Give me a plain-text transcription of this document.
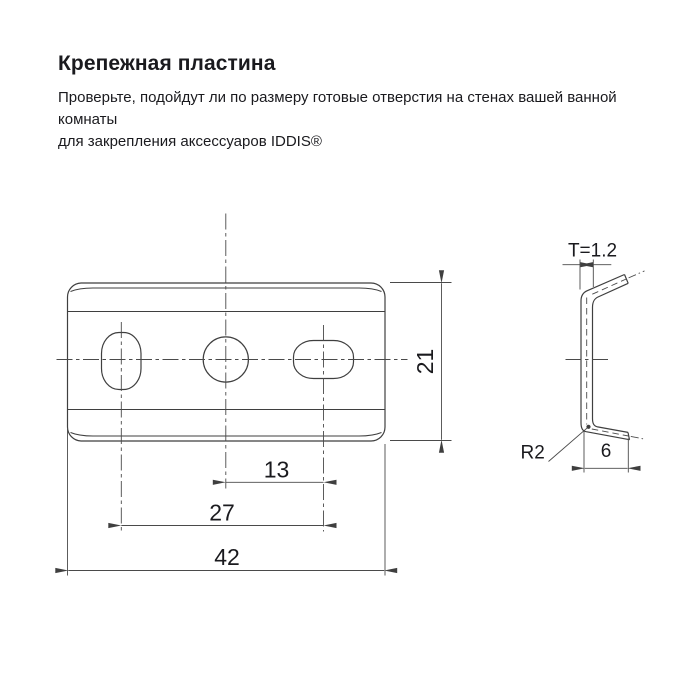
Крепежная пластина
Проверьте, подойдут ли по размеру готовые отверстия на стенах вашей ванной комнаты
для закрепления аксессуаров IDDIS®
21
13
27
42
T=1.2
R2	6
